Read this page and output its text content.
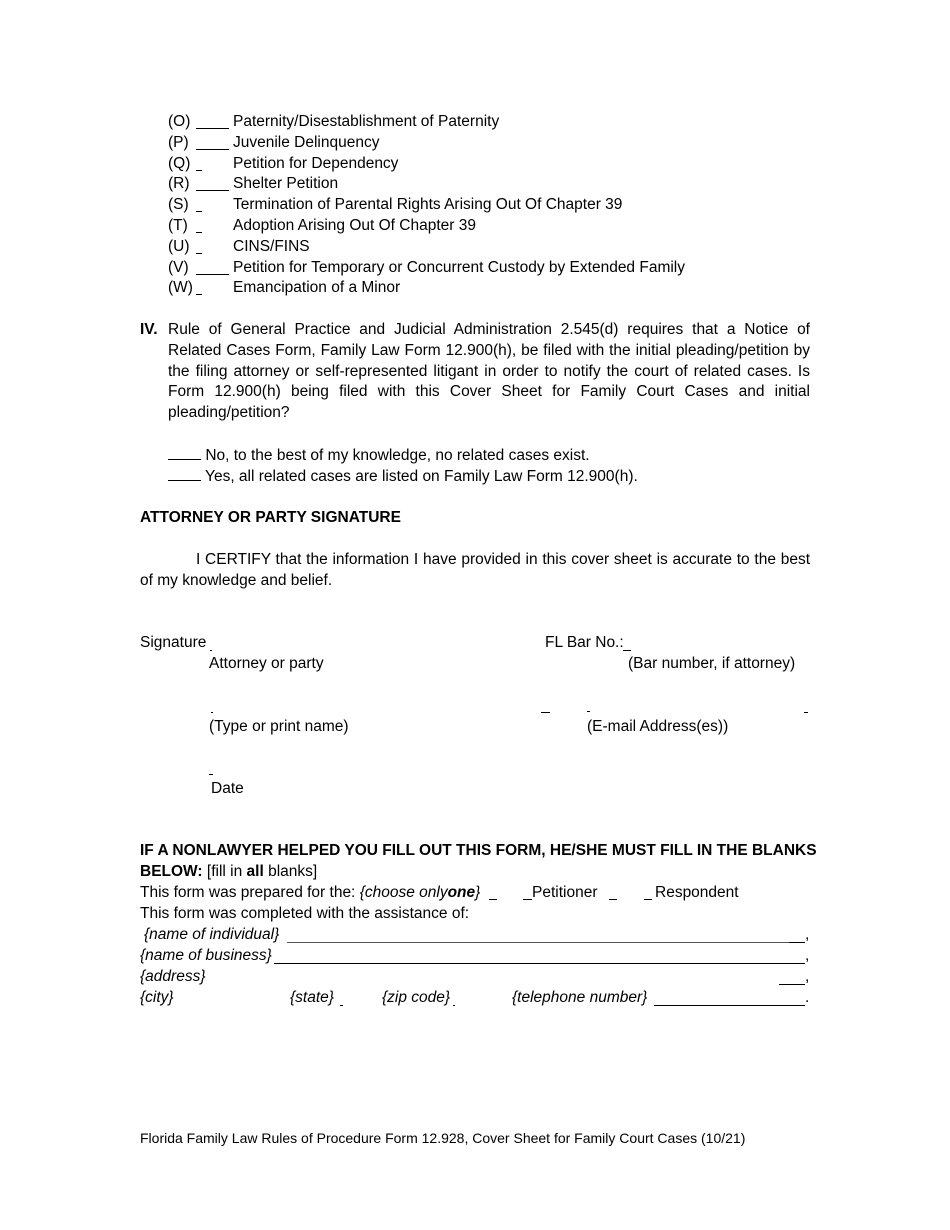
(O)	Paternity/Disestablishment of Paternity
(P)	Juvenile Delinquency
(Q)	Petition for Dependency
(R)	Shelter Petition
(S)	Termination of Parental Rights Arising Out Of Chapter 39
(T)	Adoption Arising Out Of Chapter 39
(U)	CINS/FINS
(V)	Petition for Temporary or Concurrent Custody by Extended Family
(W)	Emancipation of a Minor
IV. Rule of General Practice and Judicial Administration 2.545(d) requires that a Notice of Related Cases Form, Family Law Form 12.900(h), be filed with the initial pleading/petition by the filing attorney or self-represented litigant in order to notify the court of related cases. Is Form 12.900(h) being filed with this Cover Sheet for Family Court Cases and initial pleading/petition?
No, to the best of my knowledge, no related cases exist.
Yes, all related cases are listed on Family Law Form 12.900(h).
ATTORNEY OR PARTY SIGNATURE
I CERTIFY that the information I have provided in this cover sheet is accurate to the best of my knowledge and belief.
Signature
Attorney or party
FL Bar No.:
(Bar number, if attorney)
(Type or print name)	(E-mail Address(es))
Date
IF A NONLAWYER HELPED YOU FILL OUT THIS FORM, HE/SHE MUST FILL IN THE BLANKS
BELOW: [fill in all blanks]
This form was prepared for the: {choose onlyone}	Petitioner	Respondent
This form was completed with the assistance of:
{name of individual}	,
{name of business}	,
{address}	,
{city}	{state}	{zip code}	{telephone number}	.
Florida Family Law Rules of Procedure Form 12.928, Cover Sheet for Family Court Cases (10/21)
